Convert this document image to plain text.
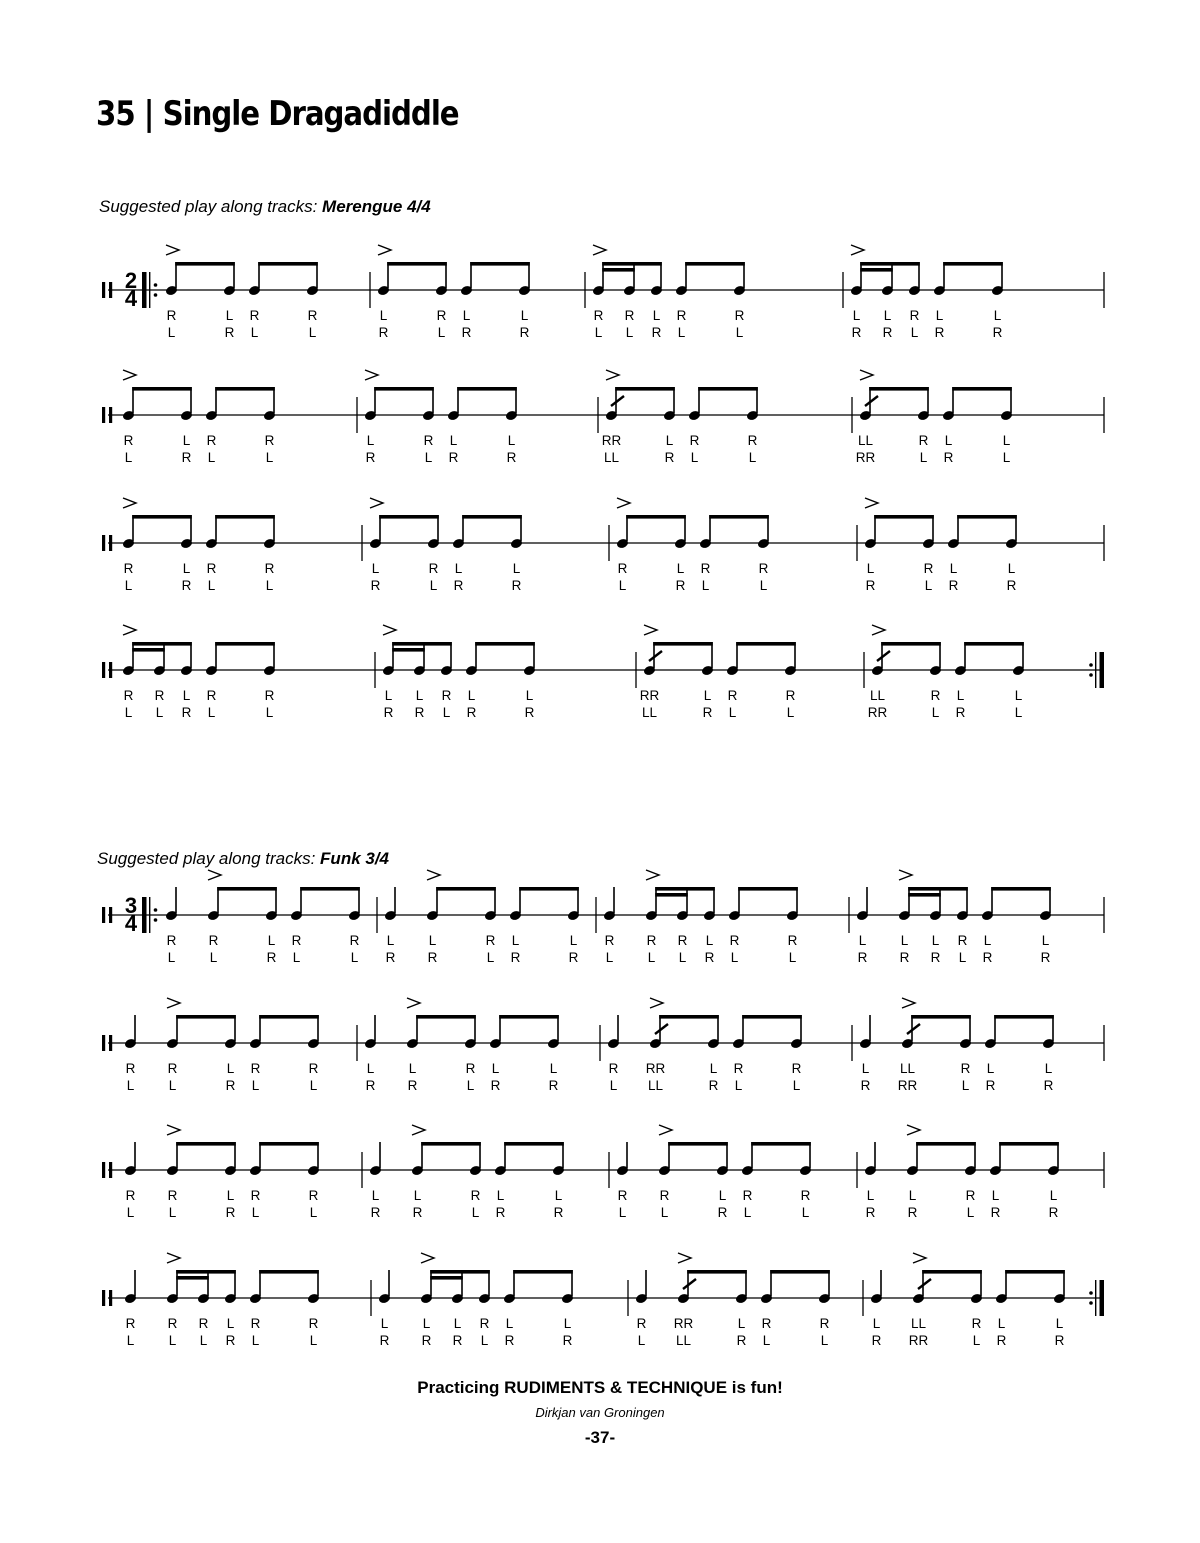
35 | Single Dragadiddle
Suggested play along tracks: Merengue 4/4
Suggested play along tracks: Funk 3/4
2
4
R
L
L
R
R
L
R
L
L
R
R
L
L
R
L
R
R
L
R
L
L
R
R
L
R
L
L
R
L
R
R
L
L
R
L
R
R
L
L
R
R
L
R
L
L
R
R
L
L
R
L
R
RR
LL
L
R
R
L
R
L
LL
RR
R
L
L
R
L
L
R
L
L
R
R
L
R
L
L
R
R
L
L
R
L
R
R
L
L
R
R
L
R
L
L
R
R
L
L
R
L
R
R
L
R
L
L
R
R
L
R
L
L
R
L
R
R
L
L
R
L
R
RR
LL
L
R
R
L
R
L
LL
RR
R
L
L
R
L
L
3
4
R
L
R
L
L
R
R
L
R
L
L
R
L
R
R
L
L
R
L
R
R
L
R
L
R
L
L
R
R
L
R
L
L
R
L
R
L
R
R
L
L
R
L
R
R
L
R
L
L
R
R
L
R
L
L
R
L
R
R
L
L
R
L
R
R
L
RR
LL
L
R
R
L
R
L
L
R
LL
RR
R
L
L
R
L
R
R
L
R
L
L
R
R
L
R
L
L
R
L
R
R
L
L
R
L
R
R
L
R
L
L
R
R
L
R
L
L
R
L
R
R
L
L
R
L
R
R
L
R
L
R
L
L
R
R
L
R
L
L
R
L
R
L
R
R
L
L
R
L
R
R
L
RR
LL
L
R
R
L
R
L
L
R
LL
RR
R
L
L
R
L
R
Practicing RUDIMENTS & TECHNIQUE is fun!
Dirkjan van Groningen
-37-
